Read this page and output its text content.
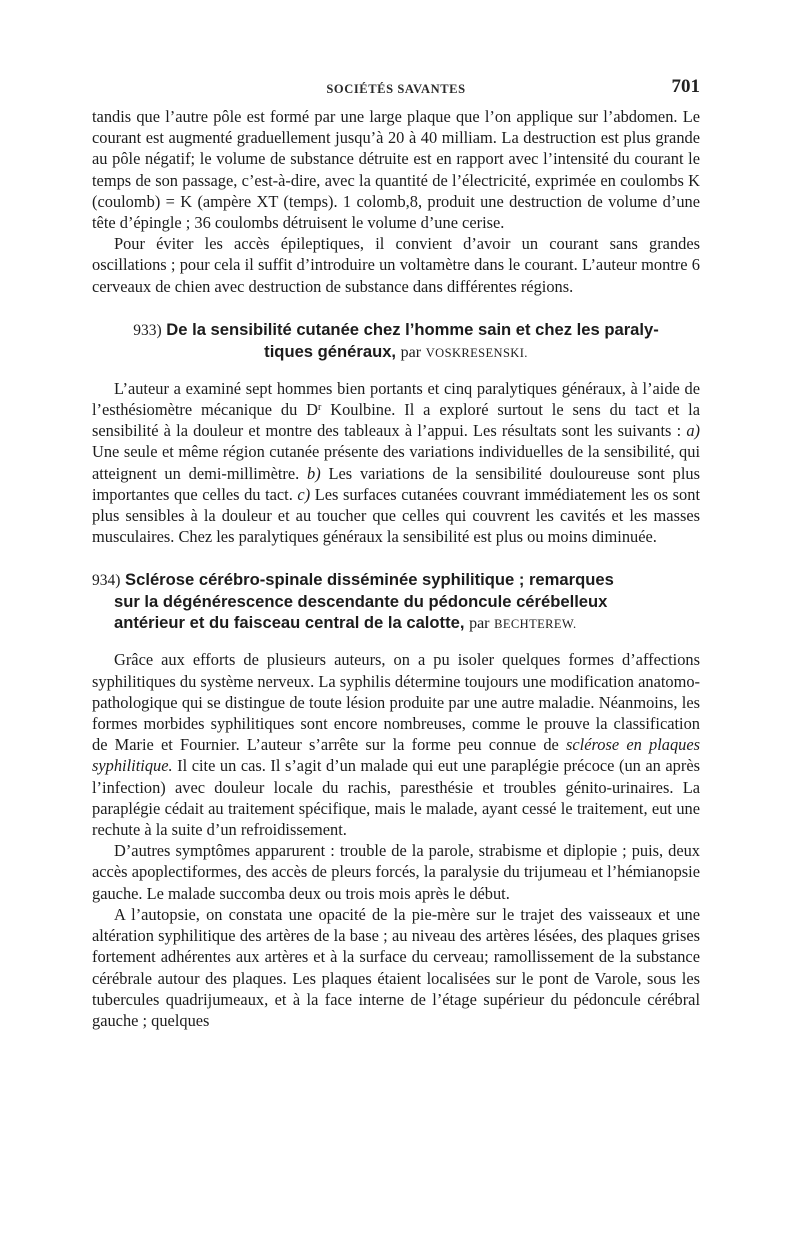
SOCIÉTÉS SAVANTES	701

tandis que l’autre pôle est formé par une large plaque que l’on applique sur l’abdomen. Le courant est augmenté graduellement jusqu’à 20 à 40 milliam. La destruction est plus grande au pôle négatif; le volume de substance détruite est en rapport avec l’intensité du courant le temps de son passage, c’est-à-dire, avec la quantité de l’électricité, exprimée en coulombs K (coulomb) = K (ampère XT (temps). 1 colomb,8, produit une destruction de volume d’une tête d’épingle ; 36 coulombs détruisent le volume d’une cerise.

Pour éviter les accès épileptiques, il convient d’avoir un courant sans grandes oscillations ; pour cela il suffit d’introduire un voltamètre dans le courant. L’auteur montre 6 cerveaux de chien avec destruction de substance dans différentes régions.

933) De la sensibilité cutanée chez l’homme sain et chez les paraly-
tiques généraux, par VOSKRESENSKI.

L’auteur a examiné sept hommes bien portants et cinq paralytiques généraux, à l’aide de l’esthésiomètre mécanique du $D^r$ Koulbine. Il a exploré surtout le sens du tact et la sensibilité à la douleur et montre des tableaux à l’appui. Les résultats sont les suivants : a) Une seule et même région cutanée présente des variations individuelles de la sensibilité, qui atteignent un demi-millimètre. b) Les variations de la sensibilité douloureuse sont plus importantes que celles du tact. c) Les surfaces cutanées couvrant immédiatement les os sont plus sensibles à la douleur et au toucher que celles qui couvrent les cavités et les masses musculaires. Chez les paralytiques généraux la sensibilité est plus ou moins diminuée.

934) Sclérose cérébro-spinale disséminée syphilitique ; remarques
sur la dégénérescence descendante du pédoncule cérébelleux
antérieur et du faisceau central de la calotte, par BECHTEREW.

Grâce aux efforts de plusieurs auteurs, on a pu isoler quelques formes d’affections syphilitiques du système nerveux. La syphilis détermine toujours une modification anatomo-pathologique qui se distingue de toute lésion produite par une autre maladie. Néanmoins, les formes morbides syphilitiques sont encore nombreuses, comme le prouve la classification de Marie et Fournier. L’auteur s’arrête sur la forme peu connue de sclérose en plaques syphilitique. Il cite un cas. Il s’agit d’un malade qui eut une paraplégie précoce (un an après l’infection) avec douleur locale du rachis, paresthésie et troubles génito-urinaires. La paraplégie cédait au traitement spécifique, mais le malade, ayant cessé le traitement, eut une rechute à la suite d’un refroidissement.

D’autres symptômes apparurent : trouble de la parole, strabisme et diplopie ; puis, deux accès apoplectiformes, des accès de pleurs forcés, la paralysie du trijumeau et l’hémianopsie gauche. Le malade succomba deux ou trois mois après le début.

A l’autopsie, on constata une opacité de la pie-mère sur le trajet des vaisseaux et une altération syphilitique des artères de la base ; au niveau des artères lésées, des plaques grises fortement adhérentes aux artères et à la surface du cerveau; ramollissement de la substance cérébrale autour des plaques. Les plaques étaient localisées sur le pont de Varole, sous les tubercules quadrijumeaux, et à la face interne de l’étage supérieur du pédoncule cérébral gauche ; quelques
